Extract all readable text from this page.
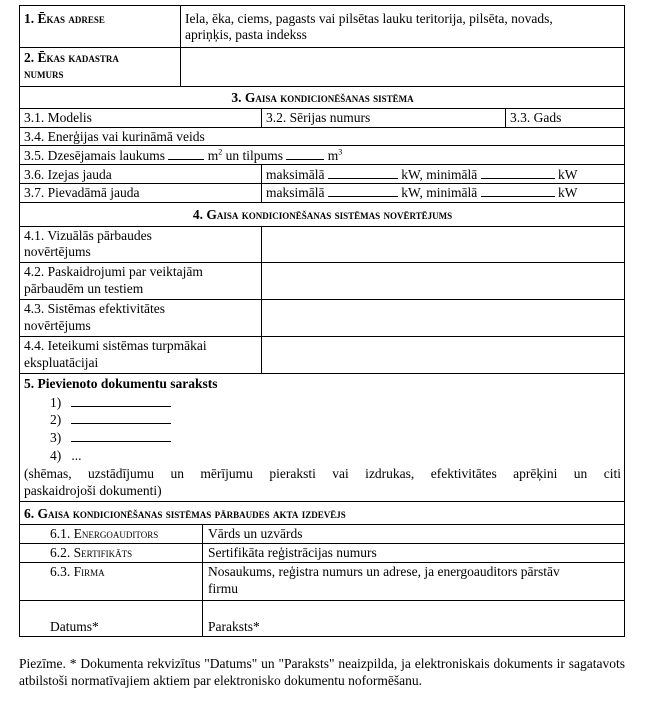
1. Ēkas adrese	Iela, ēka, ciems, pagasts vai pilsētas lauku teritorija, pilsēta, novads,
apriņķis, pasta indekss
2. Ēkas kadastra
numurs
3. Gaisa kondicionēšanas sistēma
3.1. Modelis	3.2. Sērijas numurs	3.3. Gads
3.4. Enerģijas vai kurināmā veids
3.5. Dzesējamais laukums	$m^2$ un tilpums	$m^3$
3.6. Izejas jauda	maksimālā	kW, minimālā	kW
3.7. Pievadāmā jauda	maksimālā	kW, minimālā	kW
4. Gaisa kondicionēšanas sistēmas novērtējums
4.1. Vizuālās pārbaudes
novērtējums
4.2. Paskaidrojumi par veiktajām
pārbaudēm un testiem
4.3. Sistēmas efektivitātes
novērtējums
4.4. Ieteikumi sistēmas turpmākai
ekspluatācijai
5. Pievienoto dokumentu saraksts
1)
2)
3)
4) ...
(shēmas, uzstādījumu un mērījumu pieraksti vai izdrukas, efektivitātes aprēķini un citi
paskaidrojoši dokumenti)
6. Gaisa kondicionēšanas sistēmas pārbaudes akta izdevējs
6.1. Energoauditors	Vārds un uzvārds
6.2. Sertifikāts	Sertifikāta reģistrācijas numurs
6.3. Firma	Nosaukums, reģistra numurs un adrese, ja energoauditors pārstāv
firmu
Datums*	Paraksts*
Piezīme. * Dokumenta rekvizītus "Datums" un "Paraksts" neaizpilda, ja elektroniskais dokuments ir sagatavots atbilstoši normatīvajiem aktiem par elektronisko dokumentu noformēšanu.
